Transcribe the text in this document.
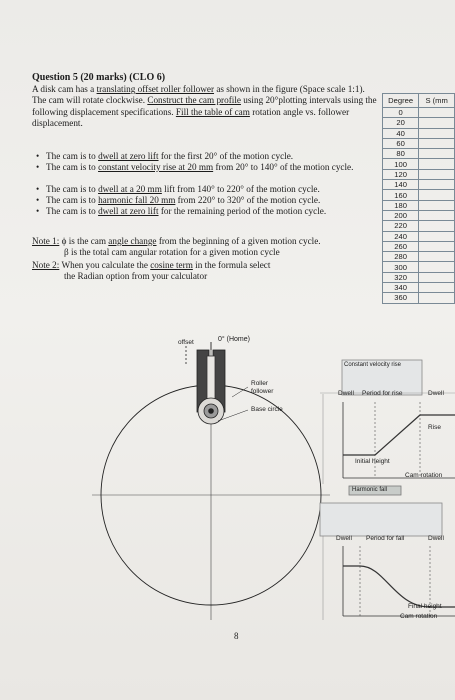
Question 5 (20 marks) (CLO 6)
A disk cam has a translating offset roller follower as shown in the figure (Space scale 1:1). The cam will rotate clockwise. Construct the cam profile using 20°plotting intervals using the following displacement specifications. Fill the table of cam rotation angle vs. follower displacement.
• The cam is to dwell at zero lift for the first 20° of the motion cycle.
• The cam is to constant velocity rise at 20 mm from 20° to 140° of the motion cycle.
• The cam is to dwell at a 20 mm lift from 140° to 220° of the motion cycle.
• The cam is to harmonic fall 20 mm from 220° to 320° of the motion cycle.
• The cam is to dwell at zero lift for the remaining period of the motion cycle.
Note 1: ϕ is the cam angle change from the beginning of a given motion cycle.
β is the total cam angular rotation for a given motion cycle
Note 2: When you calculate the cosine term in the formula select
the Radian option from your calculator
Degree	S (mm
0	
20	
40	
60	
80	
100	
120	
140	
160	
180	
200	
220	
240	
260	
280	
300	
320	
340	
360	
offset	0° (Home)
Roller
follower
Base circle
Constant velocity rise
Dwell Period for rise	Dwell
Rise
Initial height
Cam rotation
Harmonic fall
Dwell Period for fall	Dwell
Final height
Cam rotation
8
